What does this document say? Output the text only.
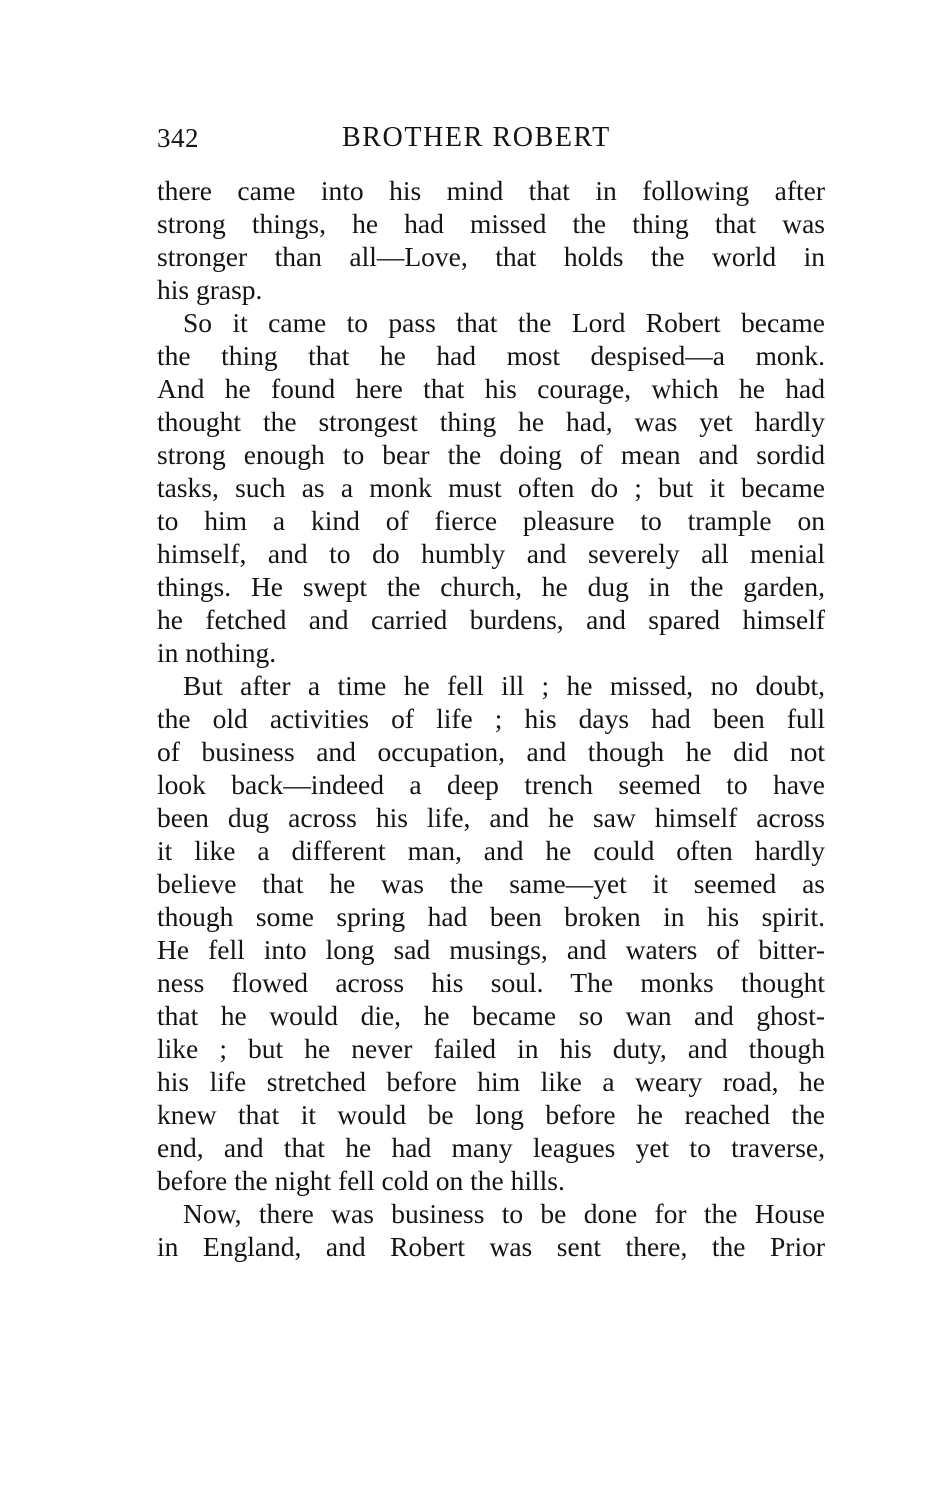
342	BROTHER ROBERT
there came into his mind that in following after
strong things, he had missed the thing that was
stronger than all—Love, that holds the world in
his grasp.
So it came to pass that the Lord Robert became
the thing that he had most despised—a monk.
And he found here that his courage, which he had
thought the strongest thing he had, was yet hardly
strong enough to bear the doing of mean and sordid
tasks, such as a monk must often do ; but it became
to him a kind of fierce pleasure to trample on
himself, and to do humbly and severely all menial
things. He swept the church, he dug in the garden,
he fetched and carried burdens, and spared himself
in nothing.
But after a time he fell ill ; he missed, no doubt,
the old activities of life ; his days had been full
of business and occupation, and though he did not
look back—indeed a deep trench seemed to have
been dug across his life, and he saw himself across
it like a different man, and he could often hardly
believe that he was the same—yet it seemed as
though some spring had been broken in his spirit.
He fell into long sad musings, and waters of bitter-
ness flowed across his soul. The monks thought
that he would die, he became so wan and ghost-
like ; but he never failed in his duty, and though
his life stretched before him like a weary road, he
knew that it would be long before he reached the
end, and that he had many leagues yet to traverse,
before the night fell cold on the hills.
Now, there was business to be done for the House
in England, and Robert was sent there, the Prior
